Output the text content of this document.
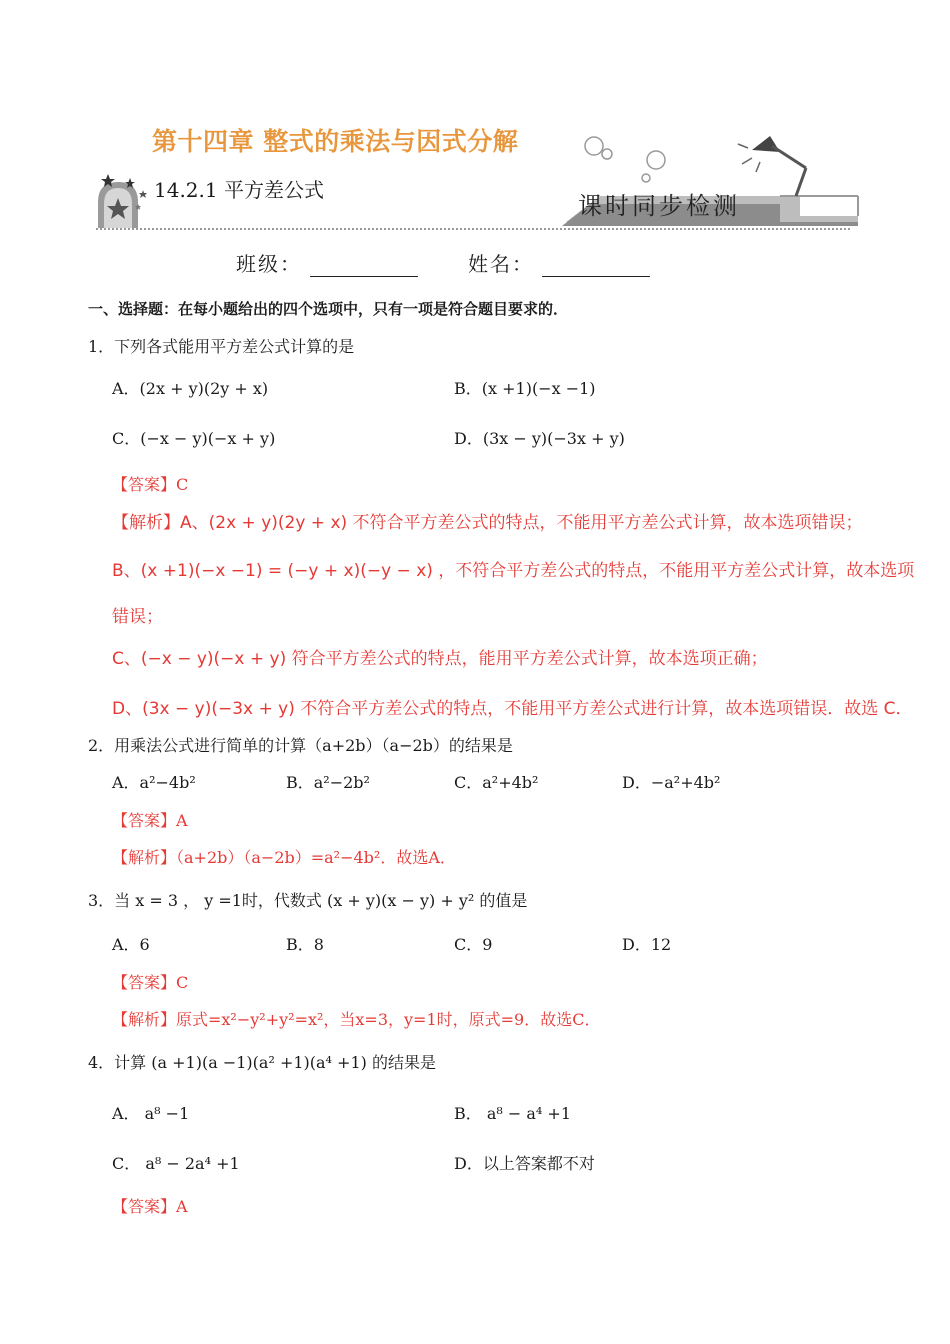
第十四章 整式的乘法与因式分解
14.2.1 平方差公式
课时同步检测
班级：	姓名：
一、选择题：在每小题给出的四个选项中，只有一项是符合题目要求的．
1．下列各式能用平方差公式计算的是
A．(2x + y)(2y + x)	B．(x +1)(−x −1)
C．(−x − y)(−x + y)	D．(3x − y)(−3x + y)
【答案】C
【解析】A、(2x + y)(2y + x) 不符合平方差公式的特点，不能用平方差公式计算，故本选项错误；
B、(x +1)(−x −1) = (−y + x)(−y − x) ，不符合平方差公式的特点，不能用平方差公式计算，故本选项
错误；
C、(−x − y)(−x + y) 符合平方差公式的特点，能用平方差公式计算，故本选项正确；
D、(3x − y)(−3x + y) 不符合平方差公式的特点，不能用平方差公式进行计算，故本选项错误．故选 C．
2．用乘法公式进行简单的计算（a+2b）（a−2b）的结果是
A．a²−4b²	B．a²−2b²	C．a²+4b²	D．−a²+4b²
【答案】A
【解析】（a+2b）（a−2b）=a²−4b²．故选A．
3．当 x = 3 ， y =1时，代数式 (x + y)(x − y) + y² 的值是
A．6	B．8	C．9	D．12
【答案】C
【解析】原式=x²−y²+y²=x²，当x=3，y=1时，原式=9．故选C．
4．计算 (a +1)(a −1)(a² +1)(a⁴ +1) 的结果是
A． a⁸ −1	B． a⁸ − a⁴ +1
C． a⁸ − 2a⁴ +1	D．以上答案都不对
【答案】A
